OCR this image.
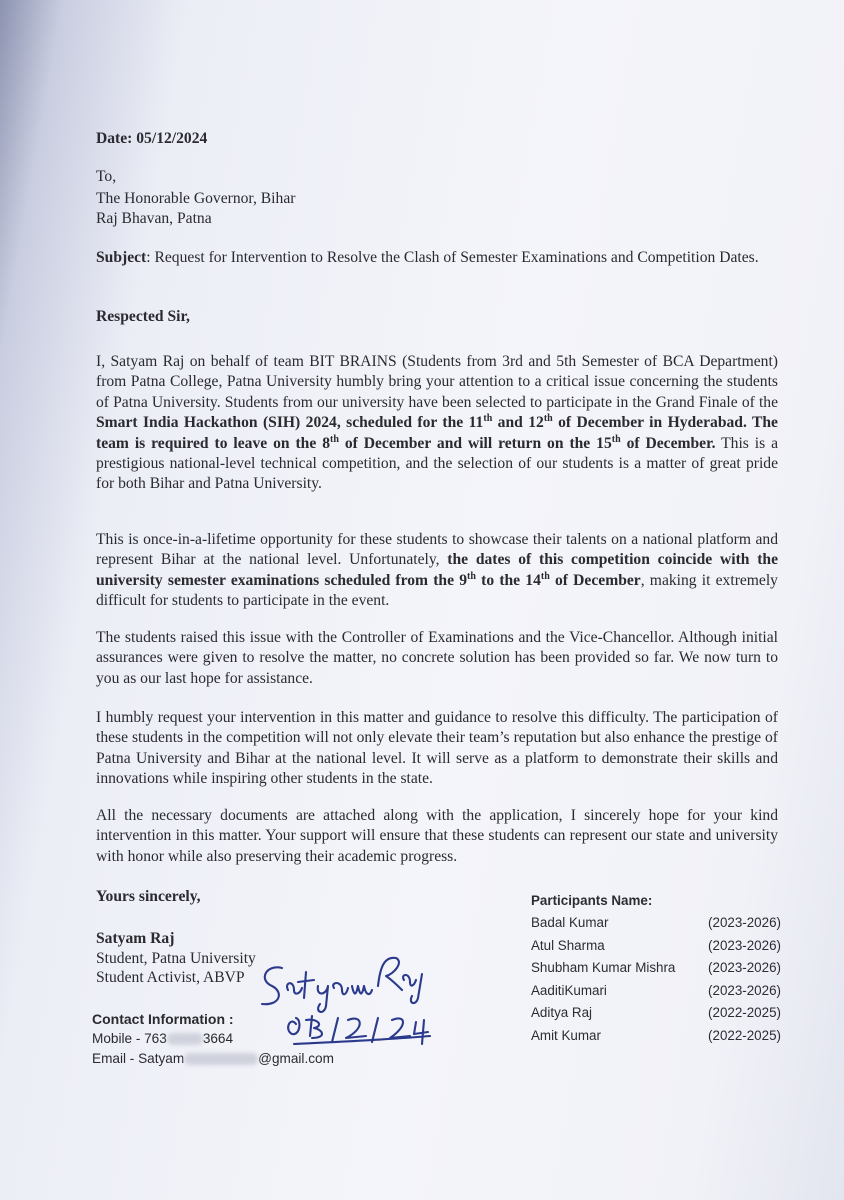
Date: 05/12/2024
To,
The Honorable Governor, Bihar
Raj Bhavan, Patna
Subject: Request for Intervention to Resolve the Clash of Semester Examinations and Competition Dates.
Respected Sir,
I, Satyam Raj on behalf of team BIT BRAINS (Students from 3rd and 5th Semester of BCA Department) from Patna College, Patna University humbly bring your attention to a critical issue concerning the students of Patna University. Students from our university have been selected to participate in the Grand Finale of the Smart India Hackathon (SIH) 2024, scheduled for the 11th and 12th of December in Hyderabad. The team is required to leave on the 8th of December and will return on the 15th of December. This is a prestigious national-level technical competition, and the selection of our students is a matter of great pride for both Bihar and Patna University.
This is once-in-a-lifetime opportunity for these students to showcase their talents on a national platform and represent Bihar at the national level. Unfortunately, the dates of this competition coincide with the university semester examinations scheduled from the 9th to the 14th of December, making it extremely difficult for students to participate in the event.
The students raised this issue with the Controller of Examinations and the Vice-Chancellor. Although initial assurances were given to resolve the matter, no concrete solution has been provided so far. We now turn to you as our last hope for assistance.
I humbly request your intervention in this matter and guidance to resolve this difficulty. The participation of these students in the competition will not only elevate their team’s reputation but also enhance the prestige of Patna University and Bihar at the national level. It will serve as a platform to demonstrate their skills and innovations while inspiring other students in the state.
All the necessary documents are attached along with the application, I sincerely hope for your kind intervention in this matter. Your support will ensure that these students can represent our state and university with honor while also preserving their academic progress.
Yours sincerely,
Satyam Raj
Student, Patna University
Student Activist, ABVP
Contact Information :
Mobile - 763	3664
Email - Satyam	@gmail.com
Participants Name:
Badal Kumar	(2023-2026)
Atul Sharma	(2023-2026)
Shubham Kumar Mishra (2023-2026)
AaditiKumari	(2023-2026)
Aditya Raj	(2022-2025)
Amit Kumar	(2022-2025)
